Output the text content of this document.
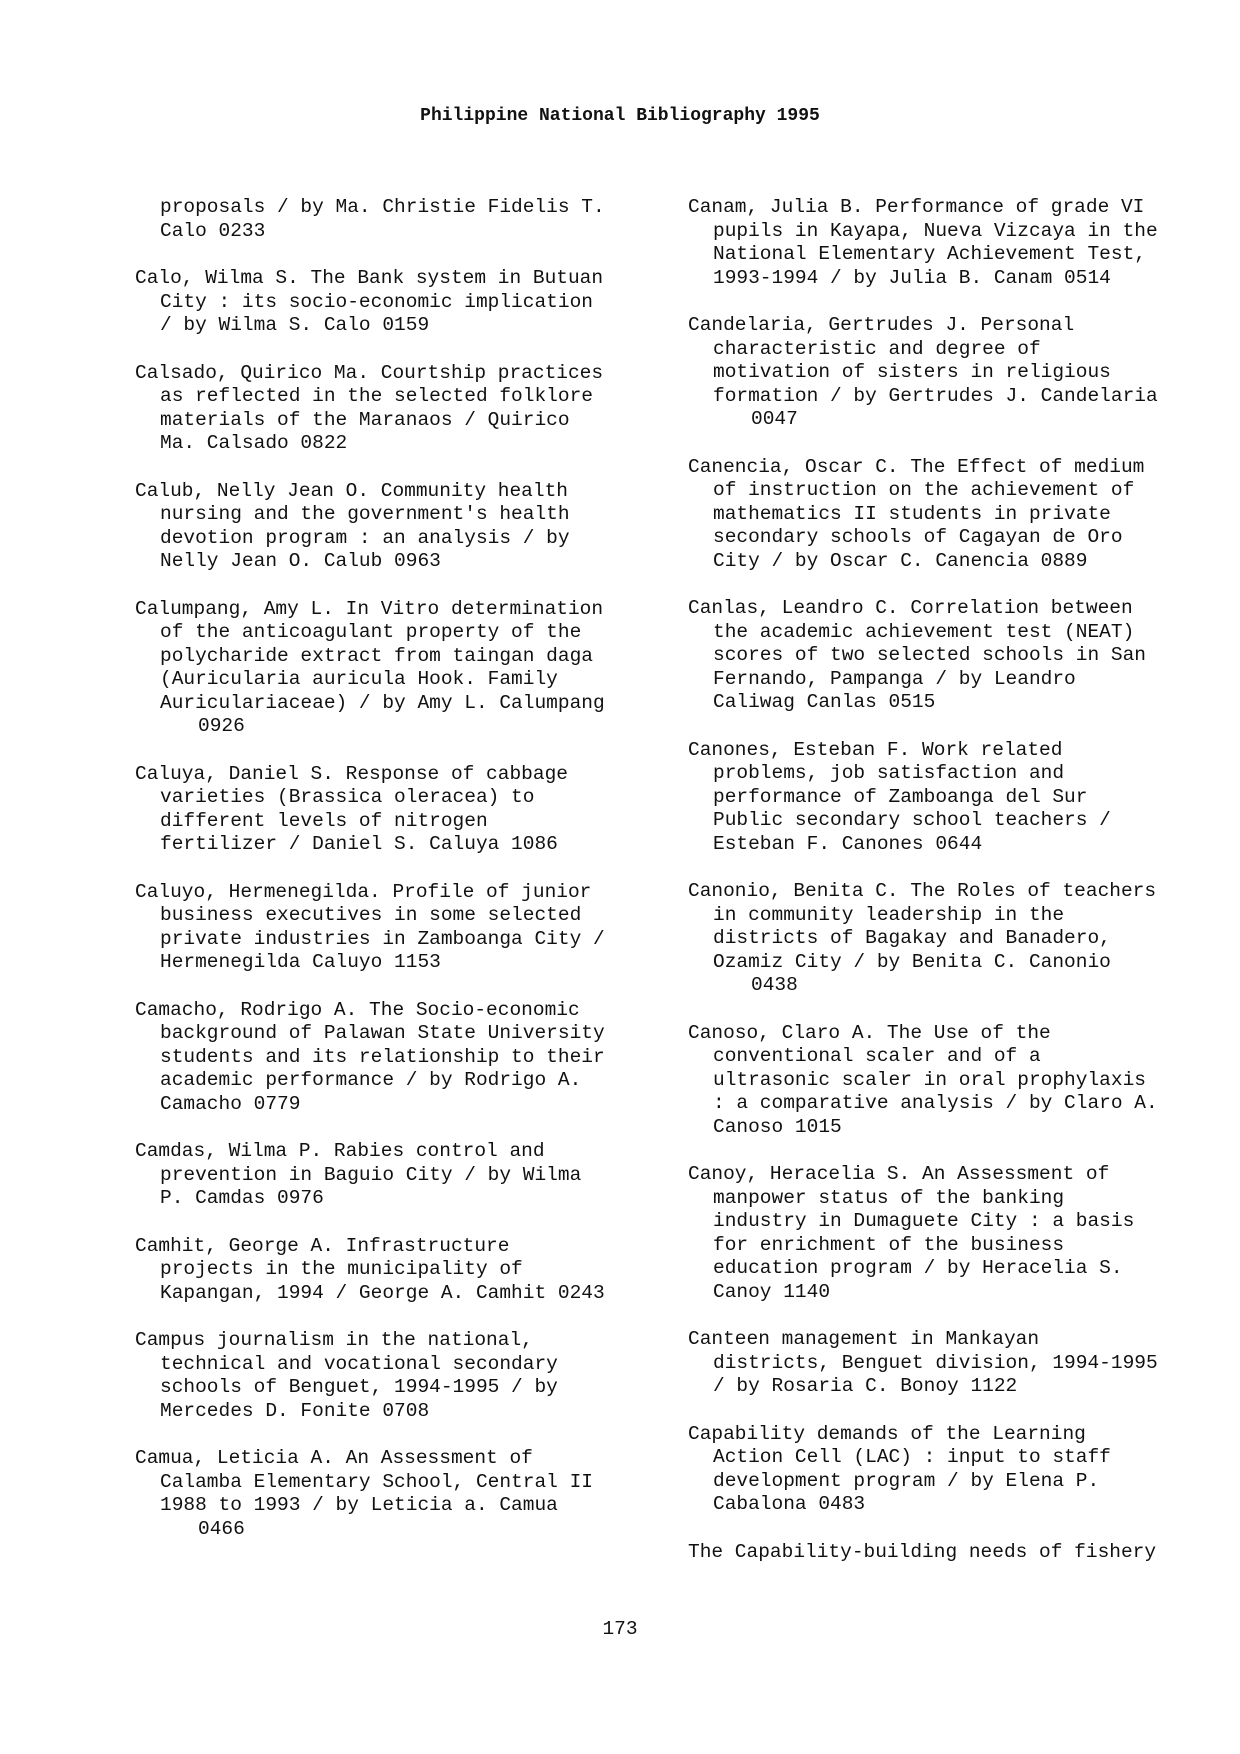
Philippine National Bibliography 1995
proposals / by Ma. Christie Fidelis T.
Calo 0233
Calo, Wilma S. The Bank system in Butuan
City : its socio-economic implication
/ by Wilma S. Calo 0159
Calsado, Quirico Ma. Courtship practices
as reflected in the selected folklore
materials of the Maranaos / Quirico
Ma. Calsado 0822
Calub, Nelly Jean O. Community health
nursing and the government's health
devotion program : an analysis / by
Nelly Jean O. Calub 0963
Calumpang, Amy L. In Vitro determination
of the anticoagulant property of the
polycharide extract from taingan daga
(Auricularia auricula Hook. Family
Auriculariaceae) / by Amy L. Calumpang
0926
Caluya, Daniel S. Response of cabbage
varieties (Brassica oleracea) to
different levels of nitrogen
fertilizer / Daniel S. Caluya 1086
Caluyo, Hermenegilda. Profile of junior
business executives in some selected
private industries in Zamboanga City /
Hermenegilda Caluyo 1153
Camacho, Rodrigo A. The Socio-economic
background of Palawan State University
students and its relationship to their
academic performance / by Rodrigo A.
Camacho 0779
Camdas, Wilma P. Rabies control and
prevention in Baguio City / by Wilma
P. Camdas 0976
Camhit, George A. Infrastructure
projects in the municipality of
Kapangan, 1994 / George A. Camhit 0243
Campus journalism in the national,
technical and vocational secondary
schools of Benguet, 1994-1995 / by
Mercedes D. Fonite 0708
Camua, Leticia A. An Assessment of
Calamba Elementary School, Central II
1988 to 1993 / by Leticia a. Camua
0466
Canam, Julia B. Performance of grade VI
pupils in Kayapa, Nueva Vizcaya in the
National Elementary Achievement Test,
1993-1994 / by Julia B. Canam 0514
Candelaria, Gertrudes J. Personal
characteristic and degree of
motivation of sisters in religious
formation / by Gertrudes J. Candelaria
0047
Canencia, Oscar C. The Effect of medium
of instruction on the achievement of
mathematics II students in private
secondary schools of Cagayan de Oro
City / by Oscar C. Canencia 0889
Canlas, Leandro C. Correlation between
the academic achievement test (NEAT)
scores of two selected schools in San
Fernando, Pampanga / by Leandro
Caliwag Canlas 0515
Canones, Esteban F. Work related
problems, job satisfaction and
performance of Zamboanga del Sur
Public secondary school teachers /
Esteban F. Canones 0644
Canonio, Benita C. The Roles of teachers
in community leadership in the
districts of Bagakay and Banadero,
Ozamiz City / by Benita C. Canonio
0438
Canoso, Claro A. The Use of the
conventional scaler and of a
ultrasonic scaler in oral prophylaxis
: a comparative analysis / by Claro A.
Canoso 1015
Canoy, Heracelia S. An Assessment of
manpower status of the banking
industry in Dumaguete City : a basis
for enrichment of the business
education program / by Heracelia S.
Canoy 1140
Canteen management in Mankayan
districts, Benguet division, 1994-1995
/ by Rosaria C. Bonoy 1122
Capability demands of the Learning
Action Cell (LAC) : input to staff
development program / by Elena P.
Cabalona 0483
The Capability-building needs of fishery
173
